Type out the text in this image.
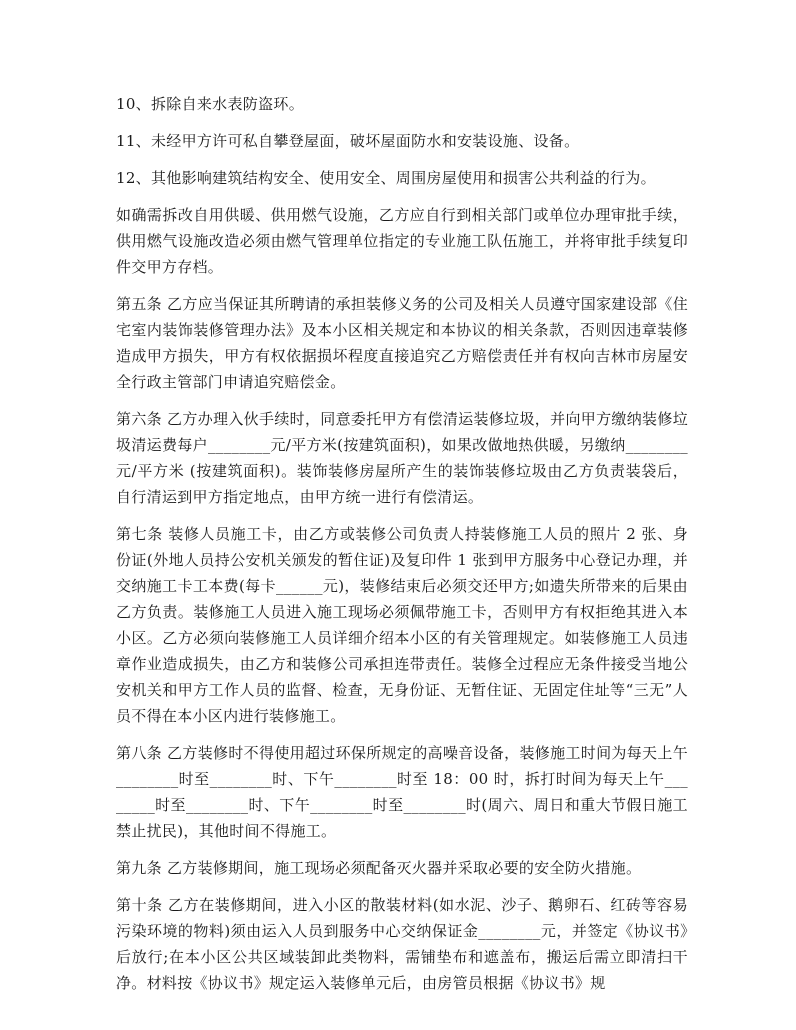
10、拆除自来水表防盗环。

11、未经甲方许可私自攀登屋面，破坏屋面防水和安装设施、设备。

12、其他影响建筑结构安全、使用安全、周围房屋使用和损害公共利益的行为。

如确需拆改自用供暖、供用燃气设施，乙方应自行到相关部门或单位办理审批手续，供用燃气设施改造必须由燃气管理单位指定的专业施工队伍施工，并将审批手续复印件交甲方存档。

第五条 乙方应当保证其所聘请的承担装修义务的公司及相关人员遵守国家建设部《住宅室内装饰装修管理办法》及本小区相关规定和本协议的相关条款，否则因违章装修造成甲方损失，甲方有权依据损坏程度直接追究乙方赔偿责任并有权向吉林市房屋安全行政主管部门申请追究赔偿金。

第六条 乙方办理入伙手续时，同意委托甲方有偿清运装修垃圾，并向甲方缴纳装修垃圾清运费每户________元/平方米(按建筑面积)，如果改做地热供暖，另缴纳________元/平方米 (按建筑面积)。装饰装修房屋所产生的装饰装修垃圾由乙方负责装袋后，自行清运到甲方指定地点，由甲方统一进行有偿清运。

第七条 装修人员施工卡，由乙方或装修公司负责人持装修施工人员的照片 2 张、身份证(外地人员持公安机关颁发的暂住证)及复印件 1 张到甲方服务中心登记办理，并交纳施工卡工本费(每卡______元)，装修结束后必须交还甲方;如遗失所带来的后果由乙方负责。装修施工人员进入施工现场必须佩带施工卡，否则甲方有权拒绝其进入本小区。乙方必须向装修施工人员详细介绍本小区的有关管理规定。如装修施工人员违章作业造成损失，由乙方和装修公司承担连带责任。装修全过程应无条件接受当地公安机关和甲方工作人员的监督、检查，无身份证、无暂住证、无固定住址等“三无”人员不得在本小区内进行装修施工。

第八条 乙方装修时不得使用超过环保所规定的高噪音设备，装修施工时间为每天上午________时至________时、下午________时至 18：00 时，拆打时间为每天上午________时至________时、下午________时至________时(周六、周日和重大节假日施工禁止扰民)，其他时间不得施工。

第九条 乙方装修期间，施工现场必须配备灭火器并采取必要的安全防火措施。

第十条 乙方在装修期间，进入小区的散装材料(如水泥、沙子、鹅卵石、红砖等容易污染环境的物料)须由运入人员到服务中心交纳保证金________元，并签定《协议书》后放行;在本小区公共区域装卸此类物料，需铺垫布和遮盖布，搬运后需立即清扫干净。材料按《协议书》规定运入装修单元后，由房管员根据《协议书》规
